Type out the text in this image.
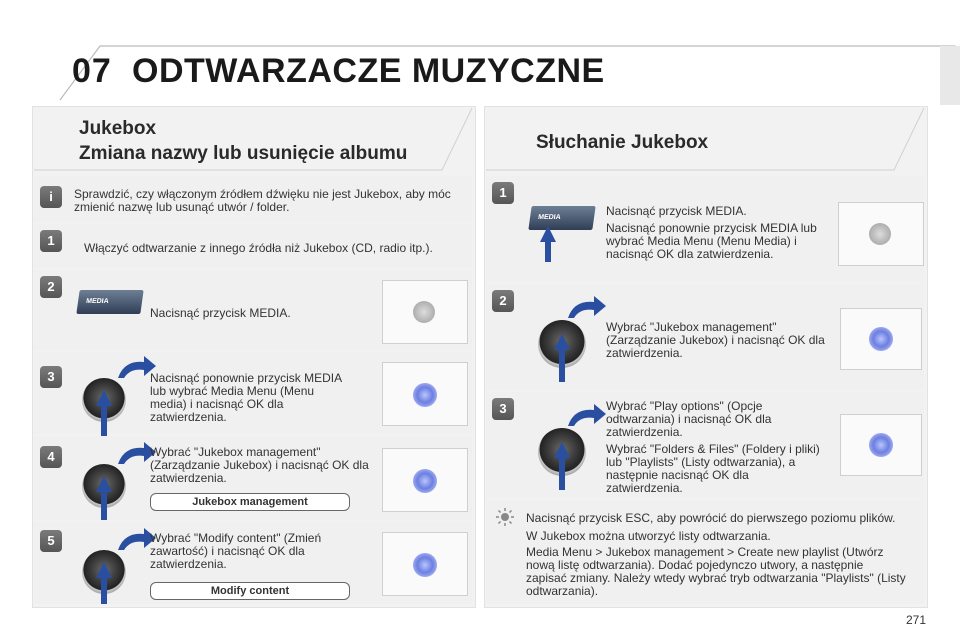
07 ODTWARZACZE MUZYCZNE
Jukebox
Zmiana nazwy lub usunięcie albumu
i	Sprawdzić, czy włączonym źródłem dźwięku nie jest Jukebox, aby móc zmienić nazwę lub usunąć utwór / folder.
1	Włączyć odtwarzanie z innego źródła niż Jukebox (CD, radio itp.).
2
MEDIA
Nacisnąć przycisk MEDIA.
3	Nacisnąć ponownie przycisk MEDIA lub wybrać Media Menu (Menu media) i nacisnąć OK dla zatwierdzenia.
4	Wybrać "Jukebox management" (Zarządzanie Jukebox) i nacisnąć OK dla zatwierdzenia.
Jukebox management
5	Wybrać "Modify content" (Zmień zawartość) i nacisnąć OK dla zatwierdzenia.
Modify content
Słuchanie Jukebox
1
MEDIA	Nacisnąć przycisk MEDIA.
Nacisnąć ponownie przycisk MEDIA lub wybrać Media Menu (Menu Media) i nacisnąć OK dla zatwierdzenia.
2
Wybrać "Jukebox management" (Zarządzanie Jukebox) i nacisnąć OK dla zatwierdzenia.
3	Wybrać "Play options" (Opcje odtwarzania) i nacisnąć OK dla zatwierdzenia.
Wybrać "Folders & Files" (Foldery i pliki) lub "Playlists" (Listy odtwarzania), a następnie nacisnąć OK dla zatwierdzenia.
Nacisnąć przycisk ESC, aby powrócić do pierwszego poziomu plików.
W Jukebox można utworzyć listy odtwarzania.
Media Menu > Jukebox management > Create new playlist (Utwórz nową listę odtwarzania). Dodać pojedynczo utwory, a następnie zapisać zmiany. Należy wtedy wybrać tryb odtwarzania "Playlists" (Listy odtwarzania).
271
